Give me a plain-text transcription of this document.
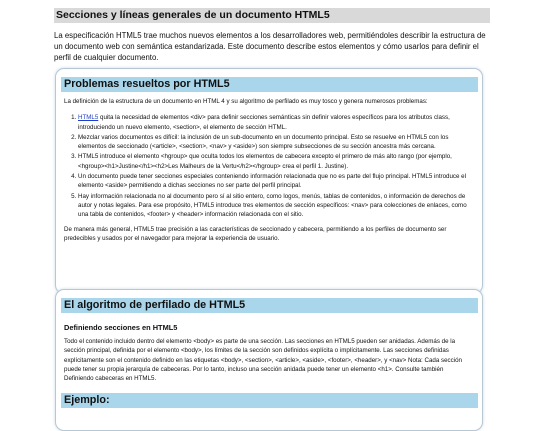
Secciones y líneas generales de un documento HTML5

La especificación HTML5 trae muchos nuevos elementos a los desarrolladores web, permitiéndoles describir la estructura de un documento web con semántica estandarizada. Este documento describe estos elementos y cómo usarlos para definir el perfil de cualquier documento.

Problemas resueltos por HTML5

La definición de la estructura de un documento en HTML 4 y su algoritmo de perfilado es muy tosco y genera numerosos problemas:

1. HTML5 quita la necesidad de elementos <div> para definir secciones semánticas sin definir valores específicos para los atributos class, introduciendo un nuevo elemento, <section>, el elemento de sección HTML.
2. Mezclar varios documentos es difícil: la inclusión de un sub-documento en un documento principal. Esto se resuelve en HTML5 con los elementos de seccionado (<article>, <section>, <nav> y <aside>) son siempre subsecciones de su sección ancestra más cercana.
3. HTML5 introduce el elemento <hgroup> que oculta todos los elementos de cabecera excepto el primero de más alto rango (por ejemplo, <hgroup><h1>Justine</h1><h2>Les Malheurs de la Vertu</h2></hgroup> crea el perfil 1. Justine).
4. Un documento puede tener secciones especiales conteniendo información relacionada que no es parte del flujo principal. HTML5 introduce el elemento <aside> permitiendo a dichas secciones no ser parte del perfil principal.
5. Hay información relacionada no al documento pero sí al sitio entero, como logos, menús, tablas de contenidos, o información de derechos de autor y notas legales. Para ese propósito, HTML5 introduce tres elementos de sección específicos: <nav> para colecciones de enlaces, como una tabla de contenidos, <footer> y <header> información relacionada con el sitio.

De manera más general, HTML5 trae precisión a las características de seccionado y cabecera, permitiendo a los perfiles de documento ser predecibles y usados por el navegador para mejorar la experiencia de usuario.

El algoritmo de perfilado de HTML5
Definiendo secciones en HTML5

Todo el contenido incluido dentro del elemento <body> es parte de una sección. Las secciones en HTML5 pueden ser anidadas. Además de la sección principal, definida por el elemento <body>, los límites de la sección son definidos explícita o implícitamente. Las secciones definidas explícitamente son el contenido definido en las etiquetas <body>, <section>, <article>, <aside>, <footer>, <header>, y <nav> Nota: Cada sección puede tener su propia jerarquía de cabeceras. Por lo tanto, incluso una sección anidada puede tener un elemento <h1>. Consulte también Definiendo cabeceras en HTML5.

Ejemplo:
